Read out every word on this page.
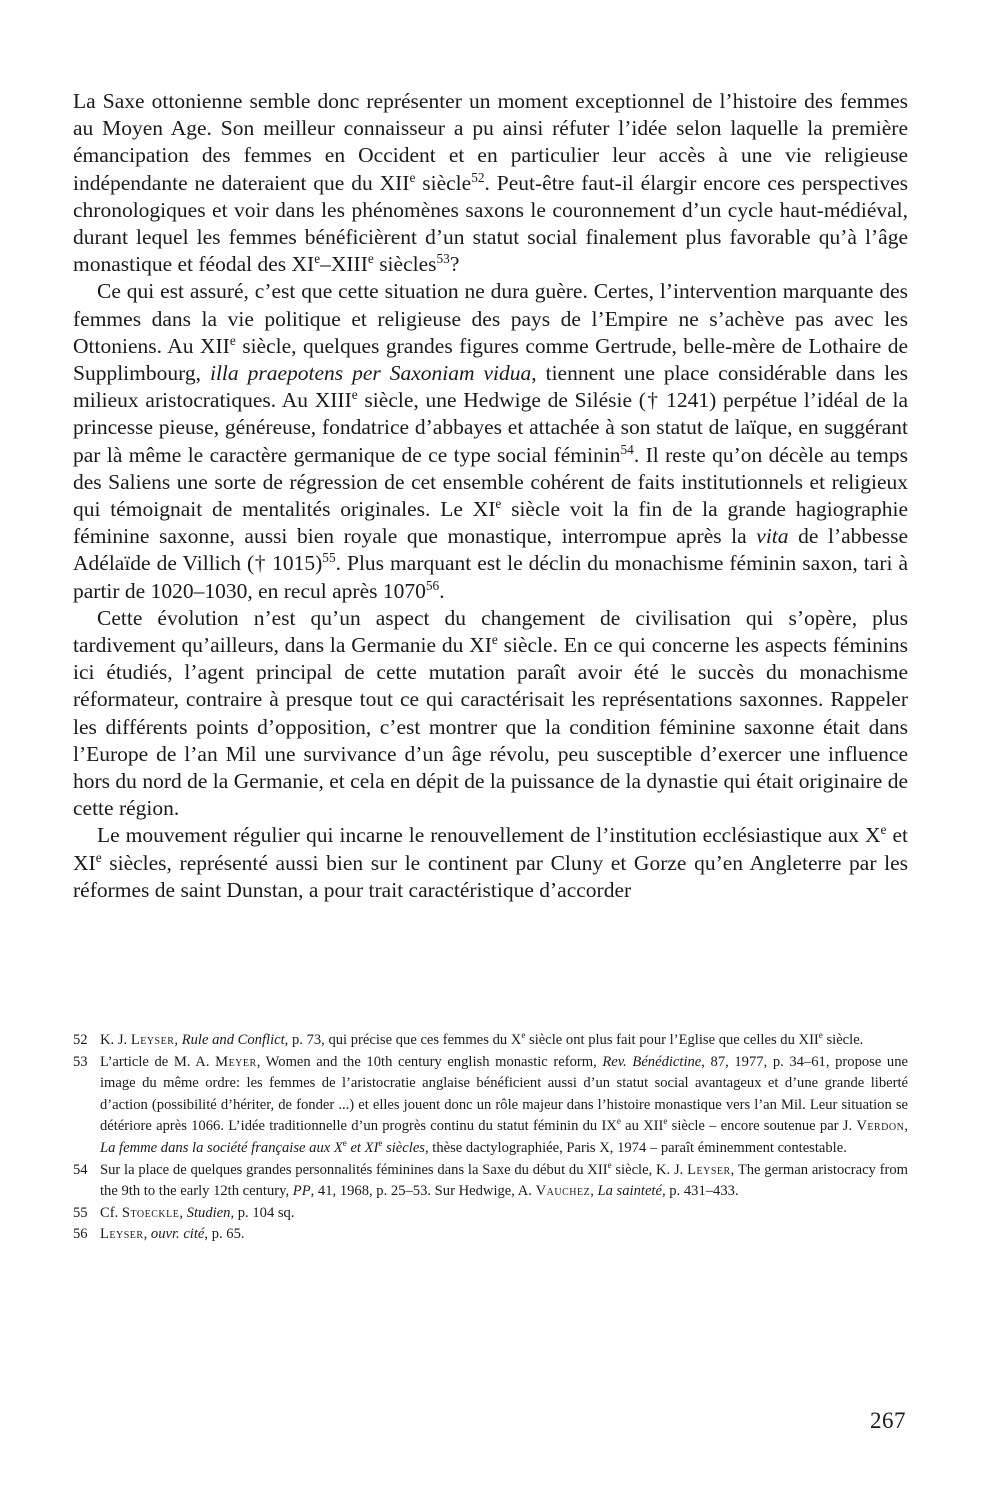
La Saxe ottonienne semble donc représenter un moment exceptionnel de l’histoire des femmes au Moyen Age. Son meilleur connaisseur a pu ainsi réfuter l’idée selon laquelle la première émancipation des femmes en Occident et en particulier leur accès à une vie religieuse indépendante ne dateraient que du XIIe siècle$^{52}$. Peut-être faut-il élargir encore ces perspectives chronologiques et voir dans les phénomènes saxons le couronnement d’un cycle haut-médiéval, durant lequel les femmes bénéficièrent d’un statut social finalement plus favorable qu’à l’âge monastique et féodal des XIe–XIIIe siècles$^{53}$?

Ce qui est assuré, c’est que cette situation ne dura guère. Certes, l’intervention marquante des femmes dans la vie politique et religieuse des pays de l’Empire ne s’achève pas avec les Ottoniens. Au XIIe siècle, quelques grandes figures comme Gertrude, belle-mère de Lothaire de Supplimbourg, illa praepotens per Saxoniam vidua, tiennent une place considérable dans les milieux aristocratiques. Au XIIIe siècle, une Hedwige de Silésie († 1241) perpétue l’idéal de la princesse pieuse, généreuse, fondatrice d’abbayes et attachée à son statut de laïque, en suggérant par là même le caractère germanique de ce type social féminin$^{54}$. Il reste qu’on décèle au temps des Saliens une sorte de régression de cet ensemble cohérent de faits institutionnels et religieux qui témoignait de mentalités originales. Le XIe siècle voit la fin de la grande hagiographie féminine saxonne, aussi bien royale que monastique, interrompue après la vita de l’abbesse Adélaïde de Villich († 1015)$^{55}$. Plus marquant est le déclin du monachisme féminin saxon, tari à partir de 1020–1030, en recul après 1070$^{56}$.

Cette évolution n’est qu’un aspect du changement de civilisation qui s’opère, plus tardivement qu’ailleurs, dans la Germanie du XIe siècle. En ce qui concerne les aspects féminins ici étudiés, l’agent principal de cette mutation paraît avoir été le succès du monachisme réformateur, contraire à presque tout ce qui caractérisait les représentations saxonnes. Rappeler les différents points d’opposition, c’est montrer que la condition féminine saxonne était dans l’Europe de l’an Mil une survivance d’un âge révolu, peu susceptible d’exercer une influence hors du nord de la Germanie, et cela en dépit de la puissance de la dynastie qui était originaire de cette région.

Le mouvement régulier qui incarne le renouvellement de l’institution ecclésiastique aux Xe et XIe siècles, représenté aussi bien sur le continent par Cluny et Gorze qu’en Angleterre par les réformes de saint Dunstan, a pour trait caractéristique d’accorder

52 K. J. Leyser, Rule and Conflict, p. 73, qui précise que ces femmes du Xe siècle ont plus fait pour l’Eglise que celles du XIIe siècle.
53 L’article de M. A. Meyer, Women and the 10th century english monastic reform, Rev. Bénédictine, 87, 1977, p. 34–61, propose une image du même ordre: les femmes de l’aristocratie anglaise bénéficient aussi d’un statut social avantageux et d’une grande liberté d’action (possibilité d’hériter, de fonder ...) et elles jouent donc un rôle majeur dans l’histoire monastique vers l’an Mil. Leur situation se détériore après 1066. L’idée traditionnelle d’un progrès continu du statut féminin du IXe au XIIe siècle – encore soutenue par J. Verdon, La femme dans la société française aux Xe et XIe siècles, thèse dactylographiée, Paris X, 1974 – paraît éminemment contestable.
54 Sur la place de quelques grandes personnalités féminines dans la Saxe du début du XIIe siècle, K. J. Leyser, The german aristocracy from the 9th to the early 12th century, PP, 41, 1968, p. 25–53. Sur Hedwige, A. Vauchez, La sainteté, p. 431–433.
55 Cf. Stoeckle, Studien, p. 104 sq.
56 Leyser, ouvr. cité, p. 65.
267
